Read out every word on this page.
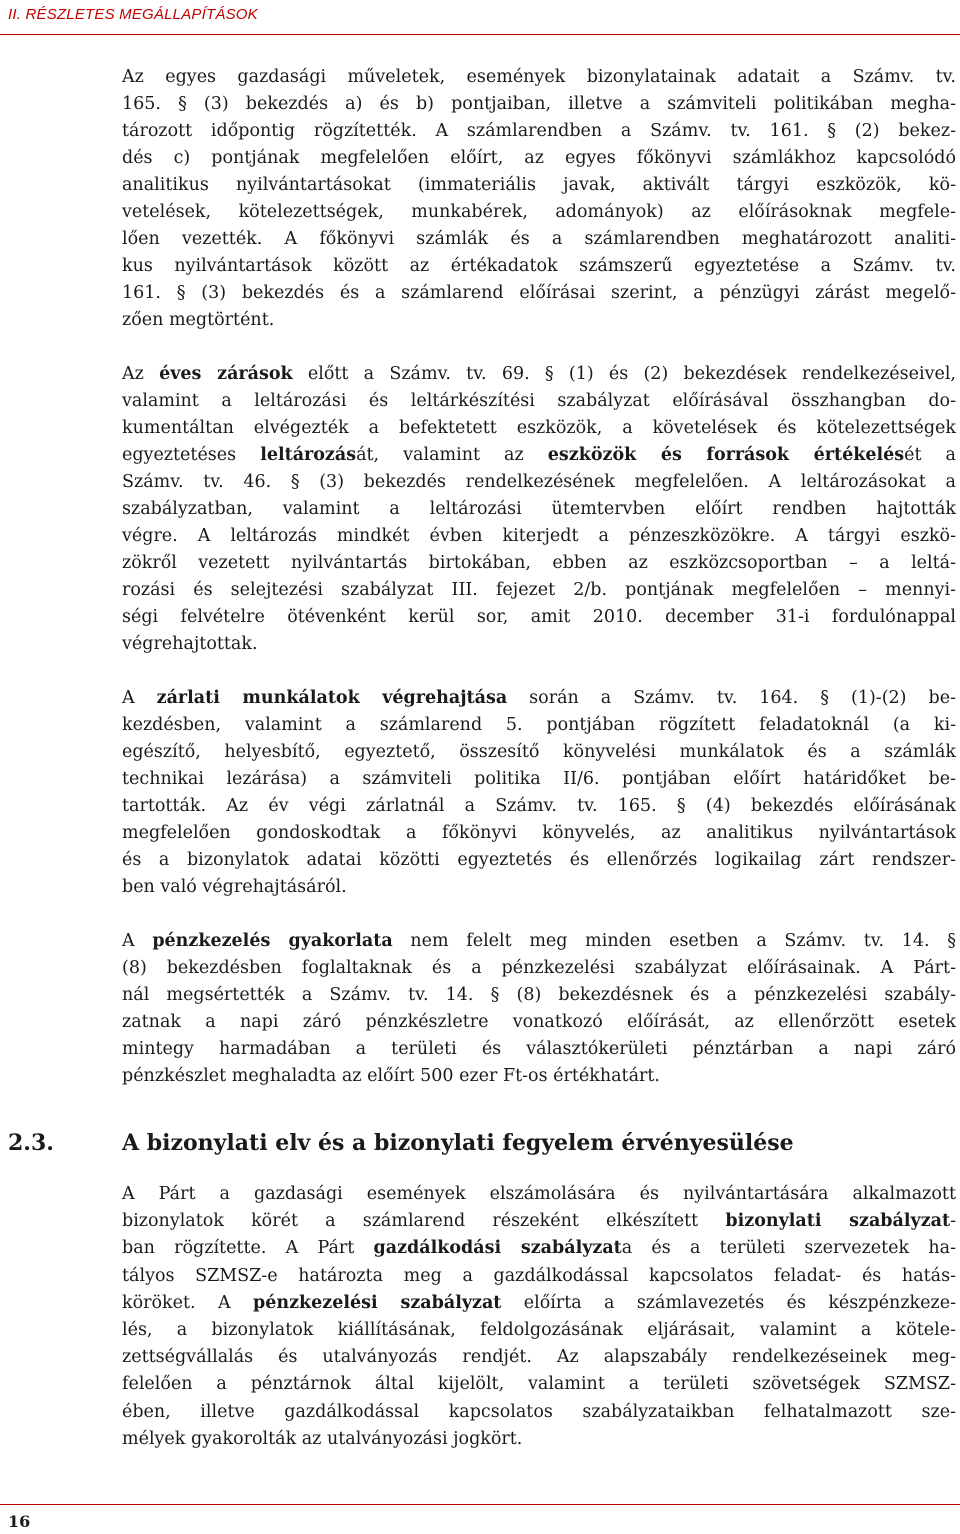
II. RÉSZLETES MEGÁLLAPÍTÁSOK
Az egyes gazdasági műveletek, események bizonylatainak adatait a Számv. tv.
165. § (3) bekezdés a) és b) pontjaiban, illetve a számviteli politikában megha-
tározott időpontig rögzítették. A számlarendben a Számv. tv. 161. § (2) bekez-
dés c) pontjának megfelelően előírt, az egyes főkönyvi számlákhoz kapcsolódó
analitikus nyilvántartásokat (immateriális javak, aktivált tárgyi eszközök, kö-
vetelések, kötelezettségek, munkabérek, adományok) az előírásoknak megfele-
lően vezették. A főkönyvi számlák és a számlarendben meghatározott analiti-
kus nyilvántartások között az értékadatok számszerű egyeztetése a Számv. tv.
161. § (3) bekezdés és a számlarend előírásai szerint, a pénzügyi zárást megelő-
zően megtörtént.
Az éves zárások előtt a Számv. tv. 69. § (1) és (2) bekezdések rendelkezéseivel,
valamint a leltározási és leltárkészítési szabályzat előírásával összhangban do-
kumentáltan elvégezték a befektetett eszközök, a követelések és kötelezettségek
egyeztetéses leltározását, valamint az eszközök és források értékelését a
Számv. tv. 46. § (3) bekezdés rendelkezésének megfelelően. A leltározásokat a
szabályzatban, valamint a leltározási ütemtervben előírt rendben hajtották
végre. A leltározás mindkét évben kiterjedt a pénzeszközökre. A tárgyi eszkö-
zökről vezetett nyilvántartás birtokában, ebben az eszközcsoportban – a leltá-
rozási és selejtezési szabályzat III. fejezet 2/b. pontjának megfelelően – mennyi-
ségi felvételre ötévenként kerül sor, amit 2010. december 31-i fordulónappal
végrehajtottak.
A zárlati munkálatok végrehajtása során a Számv. tv. 164. § (1)-(2) be-
kezdésben, valamint a számlarend 5. pontjában rögzített feladatoknál (a ki-
egészítő, helyesbítő, egyeztető, összesítő könyvelési munkálatok és a számlák
technikai lezárása) a számviteli politika II/6. pontjában előírt határidőket be-
tartották. Az év végi zárlatnál a Számv. tv. 165. § (4) bekezdés előírásának
megfelelően gondoskodtak a főkönyvi könyvelés, az analitikus nyilvántartások
és a bizonylatok adatai közötti egyeztetés és ellenőrzés logikailag zárt rendszer-
ben való végrehajtásáról.
A pénzkezelés gyakorlata nem felelt meg minden esetben a Számv. tv. 14. §
(8) bekezdésben foglaltaknak és a pénzkezelési szabályzat előírásainak. A Párt-
nál megsértették a Számv. tv. 14. § (8) bekezdésnek és a pénzkezelési szabály-
zatnak a napi záró pénzkészletre vonatkozó előírását, az ellenőrzött esetek
mintegy harmadában a területi és választókerületi pénztárban a napi záró
pénzkészlet meghaladta az előírt 500 ezer Ft-os értékhatárt.
2.3.	A bizonylati elv és a bizonylati fegyelem érvényesülése
A Párt a gazdasági események elszámolására és nyilvántartására alkalmazott
bizonylatok körét a számlarend részeként elkészített bizonylati szabályzat-
ban rögzítette. A Párt gazdálkodási szabályzata és a területi szervezetek ha-
tályos SZMSZ-e határozta meg a gazdálkodással kapcsolatos feladat- és hatás-
köröket. A pénzkezelési szabályzat előírta a számlavezetés és készpénzkeze-
lés, a bizonylatok kiállításának, feldolgozásának eljárásait, valamint a kötele-
zettségvállalás és utalványozás rendjét. Az alapszabály rendelkezéseinek meg-
felelően a pénztárnok által kijelölt, valamint a területi szövetségek SZMSZ-
ében, illetve gazdálkodással kapcsolatos szabályzataikban felhatalmazott sze-
mélyek gyakorolták az utalványozási jogkört.
16
